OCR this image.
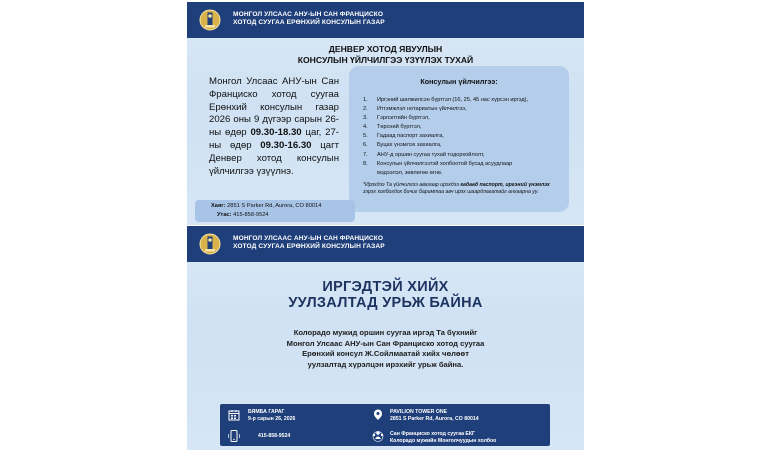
МОНГОЛ УЛСААС АНУ-ЫН САН ФРАНЦИСКО
ХОТОД СУУГАА ЕРӨНХИЙ КОНСУЛЫН ГАЗАР
ДЕНВЕР ХОТОД ЯВУУЛЫН
КОНСУЛЫН ҮЙЛЧИЛГЭЭ ҮЗҮҮЛЭХ ТУХАЙ
Монгол Улсаас АНУ-ын Сан Франциско хотод суугаа Ерөнхий консулын газар 2026 оны 9 дүгээр сарын 26-ны өдөр 09.30-18.30 цаг, 27-ны өдөр 09.30-16.30 цагт Денвер хотод консулын үйлчилгээ үзүүлнэ.
Консулын үйлчилгээ:
1. Иргэний шилжилсэн бүртгэл (16, 25, 45 нас хүрсэн иргэд),
2. Итгэмжлэл нотариатын үйлчилгээ,
3. Гэрлэлтийн бүртгэл,
4. Төрсний бүртгэл,
5. Гадаад паспорт захиалга,
6. Буцах үнэмлэх захиалга,
7. АНУ-д оршин суугаа тухай тодорхойлолт,
8. Консулын үйлчилгээтэй холбоотой бусад асуудлаар
мэдээлэл, зөвлөгөө өгнө.
*Ирэхдээ Та үйлчилгээ авахаар ирэхдээ гадаад паспорт, иргэний үнэмлэх зэрэг холбогдох бичиг баримтаа авч ирэх шаардлагатайг анхаарна уу.
Хаяг: 2851 S Parker Rd, Aurora, CO 80014
Утас: 415-858-9524
МОНГОЛ УЛСААС АНУ-ЫН САН ФРАНЦИСКО
ХОТОД СУУГАА ЕРӨНХИЙ КОНСУЛЫН ГАЗАР
ИРГЭДТЭЙ ХИЙХ
УУЛЗАЛТАД УРЬЖ БАЙНА
Колорадо мужид оршин суугаа иргэд Та бүхнийг
Монгол Улсаас АНУ-ын Сан Франциско хотод суугаа
Ерөнхий консул Ж.Сойлмаатай хийх чөлөөт
уулзалтад хүрэлцэн ирэхийг урьж байна.
БЯМБА ГАРАГ
9-р сарын 26, 2026
415-858-9524
PAVILION TOWER ONE
2851 S Parker Rd, Aurora, CO 80014
Сан Франциско хотод суугаа ЕКГ
Колорадо мужийн Монголчуудын холбоо
